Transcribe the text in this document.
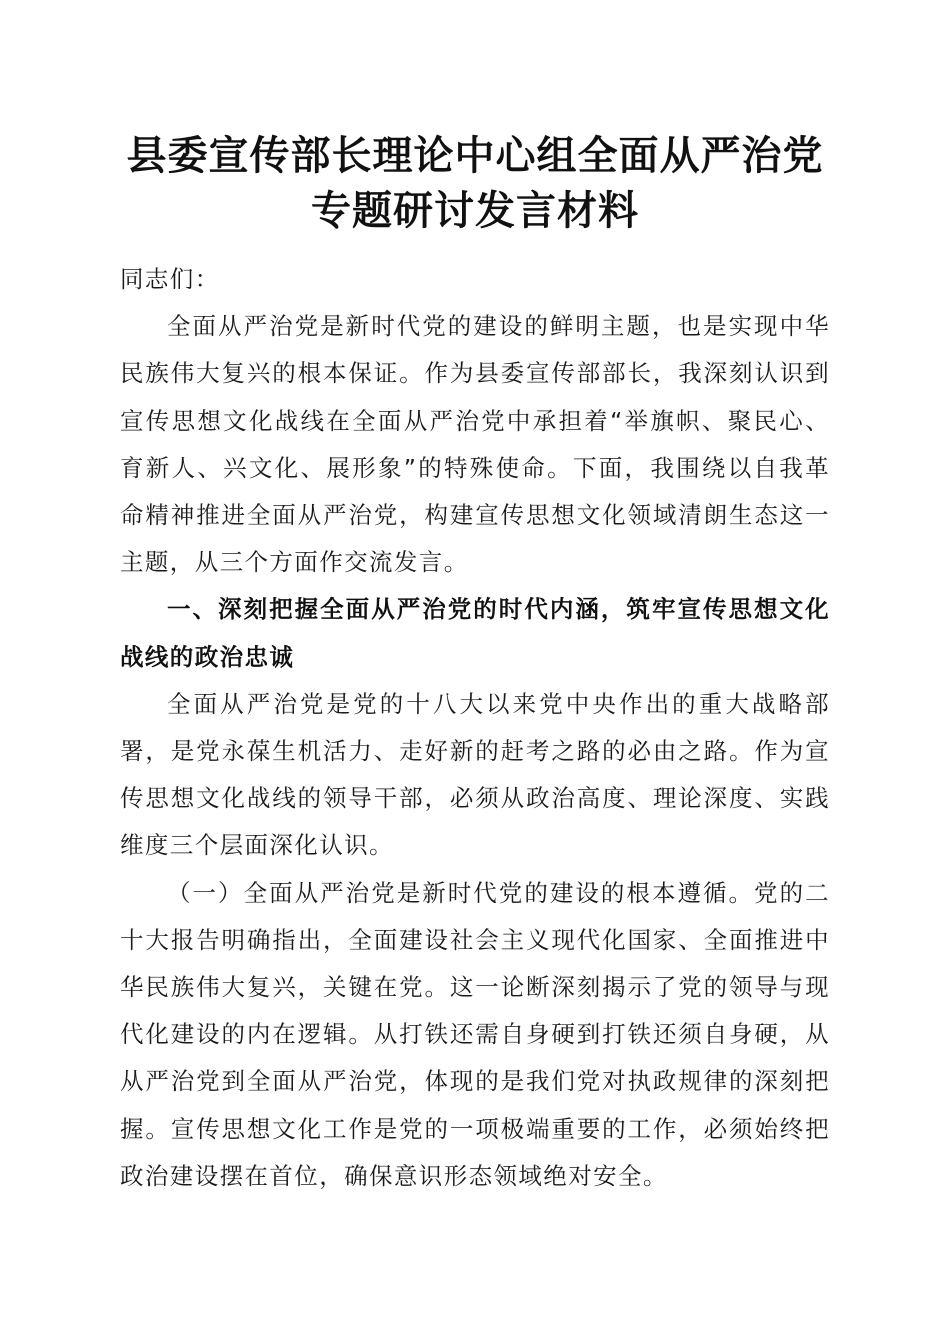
县委宣传部长理论中心组全面从严治党专题研讨发言材料

同志们：

全面从严治党是新时代党的建设的鲜明主题，也是实现中华民族伟大复兴的根本保证。作为县委宣传部部长，我深刻认识到宣传思想文化战线在全面从严治党中承担着“举旗帜、聚民心、育新人、兴文化、展形象”的特殊使命。下面，我围绕以自我革命精神推进全面从严治党，构建宣传思想文化领域清朗生态这一主题，从三个方面作交流发言。

一、深刻把握全面从严治党的时代内涵，筑牢宣传思想文化战线的政治忠诚

全面从严治党是党的十八大以来党中央作出的重大战略部署，是党永葆生机活力、走好新的赶考之路的必由之路。作为宣传思想文化战线的领导干部，必须从政治高度、理论深度、实践维度三个层面深化认识。

（一）全面从严治党是新时代党的建设的根本遵循。党的二十大报告明确指出，全面建设社会主义现代化国家、全面推进中华民族伟大复兴，关键在党。这一论断深刻揭示了党的领导与现代化建设的内在逻辑。从打铁还需自身硬到打铁还须自身硬，从从严治党到全面从严治党，体现的是我们党对执政规律的深刻把握。宣传思想文化工作是党的一项极端重要的工作，必须始终把政治建设摆在首位，确保意识形态领域绝对安全。
